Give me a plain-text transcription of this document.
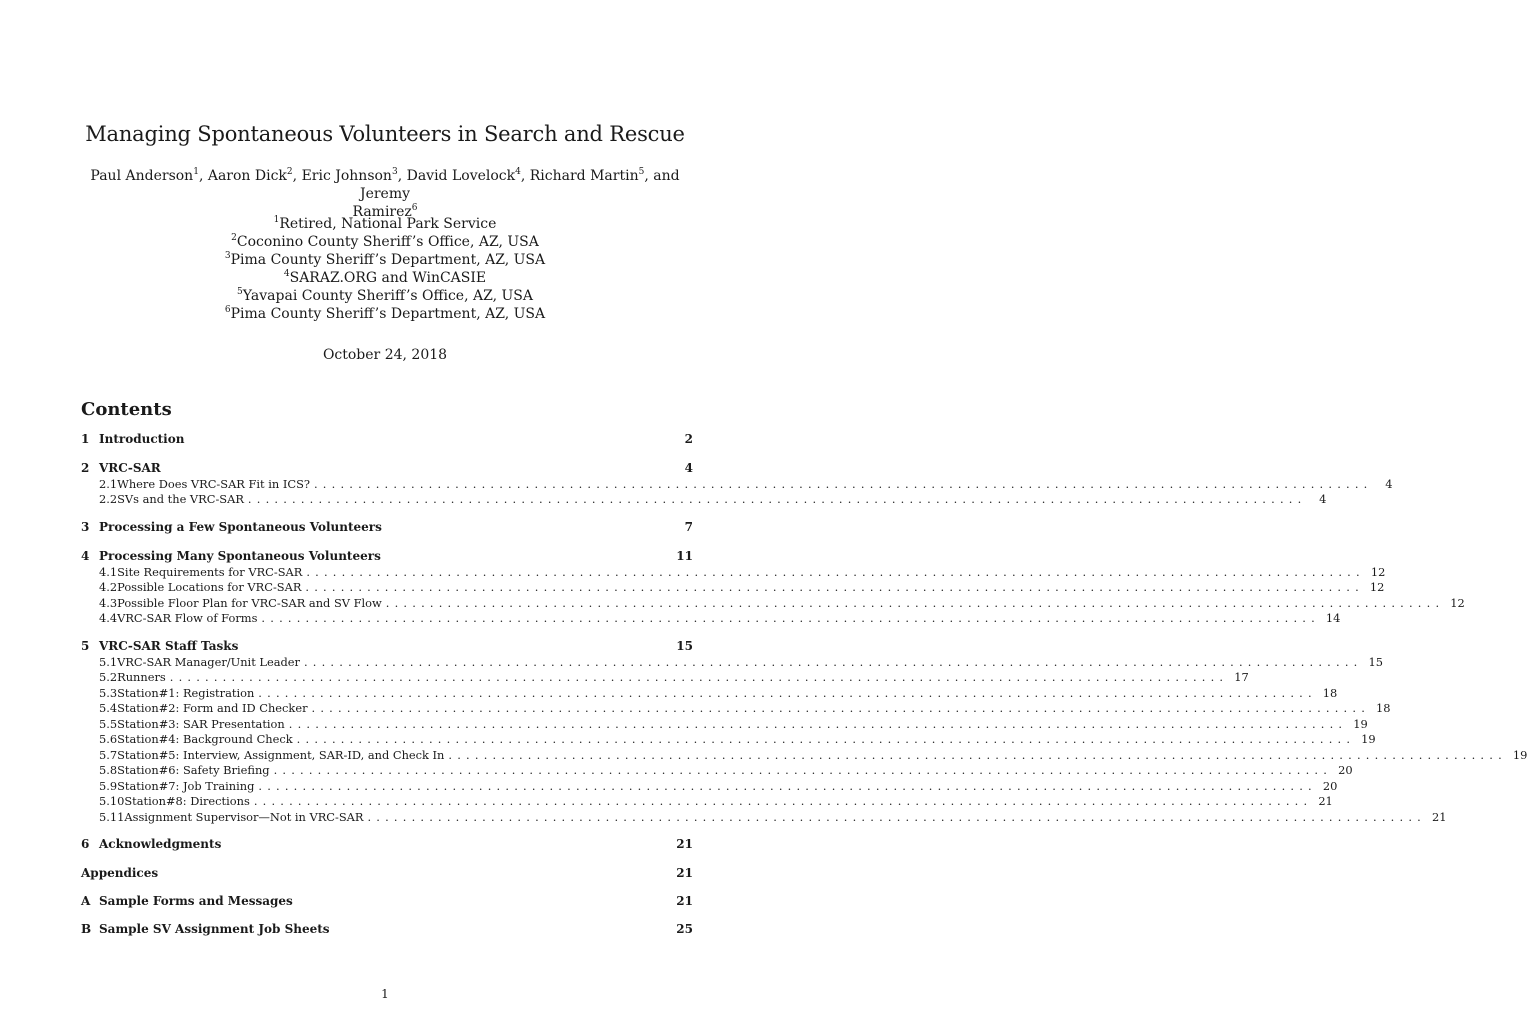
Managing Spontaneous Volunteers in Search and Rescue
Paul Anderson$^1$, Aaron Dick$^2$, Eric Johnson$^3$, David Lovelock$^4$, Richard Martin$^5$, and Jeremy
Ramirez$^6$
$^1$Retired, National Park Service
$^2$Coconino County Sheriff’s Office, AZ, USA
$^3$Pima County Sheriff’s Department, AZ, USA
$^4$SARAZ.ORG and WinCASIE
$^5$Yavapai County Sheriff’s Office, AZ, USA
$^6$Pima County Sheriff’s Department, AZ, USA
October 24, 2018
Contents
1 Introduction	2
2 VRC-SAR	4
2.1 Where Does VRC-SAR Fit in ICS? ........................................................................................................................	4
2.2 SVs and the VRC-SAR ........................................................................................................................	4
3 Processing a Few Spontaneous Volunteers	7
4 Processing Many Spontaneous Volunteers	11
4.1 Site Requirements for VRC-SAR ........................................................................................................................ 12
4.2 Possible Locations for VRC-SAR ........................................................................................................................ 12
4.3 Possible Floor Plan for VRC-SAR and SV Flow ........................................................................................................................ 12
4.4 VRC-SAR Flow of Forms ........................................................................................................................ 14
5 VRC-SAR Staff Tasks	15
5.1 VRC-SAR Manager/Unit Leader ........................................................................................................................ 15
5.2 Runners ........................................................................................................................ 17
5.3 Station#1: Registration ........................................................................................................................ 18
5.4 Station#2: Form and ID Checker ........................................................................................................................ 18
5.5 Station#3: SAR Presentation ........................................................................................................................ 19
5.6 Station#4: Background Check ........................................................................................................................ 19
5.7 Station#5: Interview, Assignment, SAR-ID, and Check In ........................................................................................................................ 19
5.8 Station#6: Safety Briefing ........................................................................................................................ 20
5.9 Station#7: Job Training ........................................................................................................................ 20
5.10 Station#8: Directions ........................................................................................................................ 21
5.11 Assignment Supervisor—Not in VRC-SAR ........................................................................................................................ 21
6 Acknowledgments	21
Appendices	21
A Sample Forms and Messages	21
B Sample SV Assignment Job Sheets	25
1
